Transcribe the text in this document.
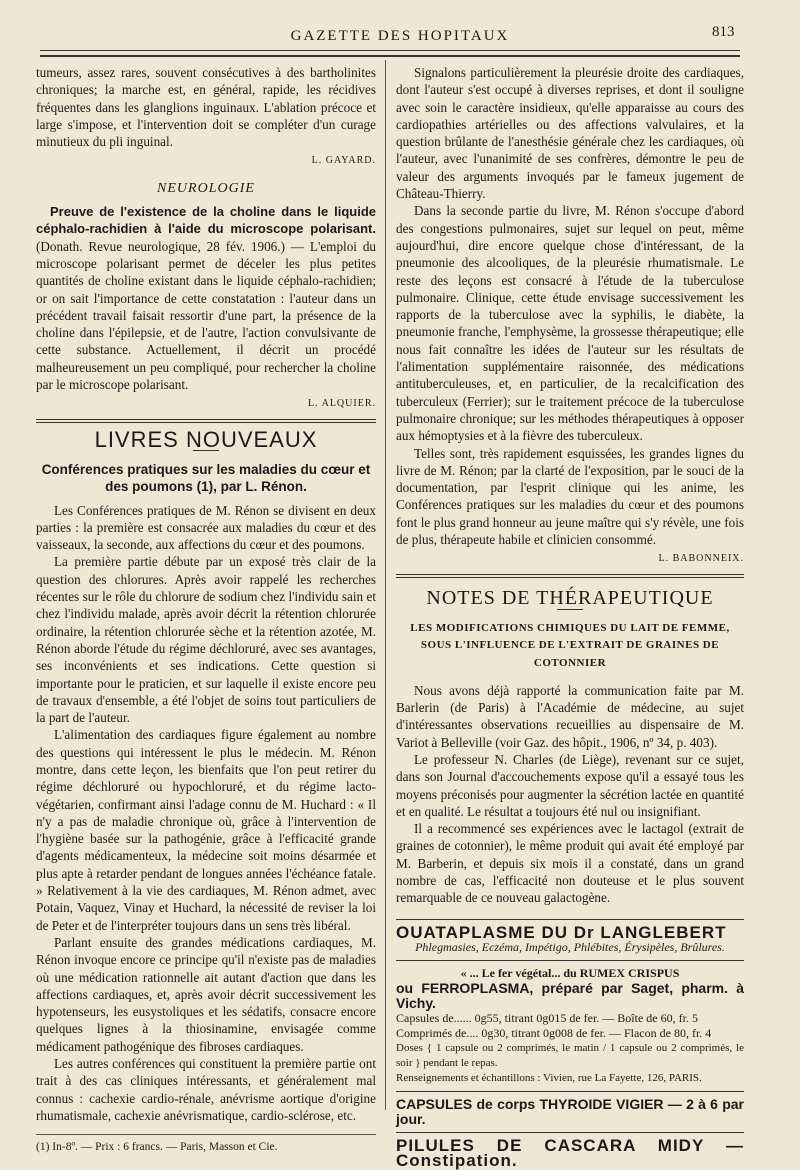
GAZETTE DES HOPITAUX	813

tumeurs, assez rares, souvent consécutives à des bartholinites chroniques; la marche est, en général, rapide, les récidives fréquentes dans les glanglions inguinaux. L'ablation précoce et large s'impose, et l'intervention doit se compléter d'un curage minutieux du pli inguinal.

L. GAYARD.
NEUROLOGIE

Preuve de l'existence de la choline dans le liquide céphalo-rachidien à l'aide du microscope polarisant. (Donath. Revue neurologique, 28 fév. 1906.) — L'emploi du microscope polarisant permet de déceler les plus petites quantités de choline existant dans le liquide céphalo-rachidien; or on sait l'importance de cette constatation : l'auteur dans un précédent travail faisait ressortir d'une part, la présence de la choline dans l'épilepsie, et de l'autre, l'action convulsivante de cette substance. Actuellement, il décrit un procédé malheureusement un peu compliqué, pour rechercher la choline par le microscope polarisant.

L. ALQUIER.
LIVRES NOUVEAUX
Conférences pratiques sur les maladies du cœur et des poumons (1), par L. Rénon.

Les Conférences pratiques de M. Rénon se divisent en deux parties : la première est consacrée aux maladies du cœur et des vaisseaux, la seconde, aux affections du cœur et des poumons.

La première partie débute par un exposé très clair de la question des chlorures. Après avoir rappelé les recherches récentes sur le rôle du chlorure de sodium chez l'individu sain et chez l'individu malade, après avoir décrit la rétention chlorurée ordinaire, la rétention chlorurée sèche et la rétention azotée, M. Rénon aborde l'étude du régime déchloruré, avec ses avantages, ses inconvénients et ses indications. Cette question si importante pour le praticien, et sur laquelle il existe encore peu de travaux d'ensemble, a été l'objet de soins tout particuliers de la part de l'auteur.

L'alimentation des cardiaques figure également au nombre des questions qui intéressent le plus le médecin. M. Rénon montre, dans cette leçon, les bienfaits que l'on peut retirer du régime déchloruré ou hypochloruré, et du régime lacto-végétarien, confirmant ainsi l'adage connu de M. Huchard : « Il n'y a pas de maladie chronique où, grâce à l'intervention de l'hygiène basée sur la pathogénie, grâce à l'efficacité grande d'agents médicamenteux, la médecine soit moins désarmée et plus apte à retarder pendant de longues années l'échéance fatale. » Relativement à la vie des cardiaques, M. Rénon admet, avec Potain, Vaquez, Vinay et Huchard, la nécessité de reviser la loi de Peter et de l'interpréter toujours dans un sens très libéral.

Parlant ensuite des grandes médications cardiaques, M. Rénon invoque encore ce principe qu'il n'existe pas de maladies où une médication rationnelle ait autant d'action que dans les affections cardiaques, et, après avoir décrit successivement les hypotenseurs, les eusystoliques et les sédatifs, consacre encore quelques lignes à la thiosinamine, envisagée comme médicament pathogénique des fibroses cardiaques.

Les autres conférences qui constituent la première partie ont trait à des cas cliniques intéressants, et généralement mal connus : cachexie cardio-rénale, anévrisme aortique d'origine rhumatismale, cachexie anévrismatique, cardio-sclérose, etc.

(1) In-8º. — Prix : 6 francs. — Paris, Masson et Cie.

Signalons particulièrement la pleurésie droite des cardiaques, dont l'auteur s'est occupé à diverses reprises, et dont il souligne avec soin le caractère insidieux, qu'elle apparaisse au cours des cardiopathies artérielles ou des affections valvulaires, et la question brûlante de l'anesthésie générale chez les cardiaques, où l'auteur, avec l'unanimité de ses confrères, démontre le peu de valeur des arguments invoqués par le fameux jugement de Château-Thierry.

Dans la seconde partie du livre, M. Rénon s'occupe d'abord des congestions pulmonaires, sujet sur lequel on peut, même aujourd'hui, dire encore quelque chose d'intéressant, de la pneumonie des alcooliques, de la pleurésie rhumatismale. Le reste des leçons est consacré à l'étude de la tuberculose pulmonaire. Clinique, cette étude envisage successivement les rapports de la tuberculose avec la syphilis, le diabète, la pneumonie franche, l'emphysème, la grossesse thérapeutique; elle nous fait connaître les idées de l'auteur sur les résultats de l'alimentation supplémentaire raisonnée, des médications antituberculeuses, et, en particulier, de la recalcification des tuberculeux (Ferrier); sur le traitement précoce de la tuberculose pulmonaire chronique; sur les méthodes thérapeutiques à opposer aux hémoptysies et à la fièvre des tuberculeux.

Telles sont, très rapidement esquissées, les grandes lignes du livre de M. Rénon; par la clarté de l'exposition, par le souci de la documentation, par l'esprit clinique qui les anime, les Conférences pratiques sur les maladies du cœur et des poumons font le plus grand honneur au jeune maître qui s'y révèle, une fois de plus, thérapeute habile et clinicien consommé.

L. BABONNEIX.
NOTES DE THÉRAPEUTIQUE
LES MODIFICATIONS CHIMIQUES DU LAIT DE FEMME, SOUS L'INFLUENCE DE L'EXTRAIT DE GRAINES DE COTONNIER

Nous avons déjà rapporté la communication faite par M. Barlerin (de Paris) à l'Académie de médecine, au sujet d'intéressantes observations recueillies au dispensaire de M. Variot à Belleville (voir Gaz. des hôpit., 1906, nº 34, p. 403).

Le professeur N. Charles (de Liège), revenant sur ce sujet, dans son Journal d'accouchements expose qu'il a essayé tous les moyens préconisés pour augmenter la sécrétion lactée en quantité et en qualité. Le résultat a toujours été nul ou insignifiant.

Il a recommencé ses expériences avec le lactagol (extrait de graines de cotonnier), le même produit qui avait été employé par M. Barberin, et depuis six mois il a constaté, dans un grand nombre de cas, l'efficacité non douteuse et le plus souvent remarquable de ce nouveau galactogène.

OUATAPLASME DU Dr LANGLEBERT
Phlegmasies, Eczéma, Impétigo, Phlébites, Érysipèles, Brûlures.
« ... Le fer végétal... du RUMEX CRISPUS
ou FERROPLASMA, préparé par Saget, pharm. à Vichy.
Capsules de...... 0g55, titrant 0g015 de fer. — Boîte de 60, fr. 5
Comprimés de.... 0g30, titrant 0g008 de fer. — Flacon de 80, fr. 4
Doses { 1 capsule ou 2 comprimés, le matin / 1 capsule ou 2 comprimés, le soir } pendant le repas.
Renseignements et échantillons : Vivien, rue La Fayette, 126, PARIS.
CAPSULES de corps THYROIDE VIGIER — 2 à 6 par jour.
PILULES DE CASCARA MIDY — Constipation.
